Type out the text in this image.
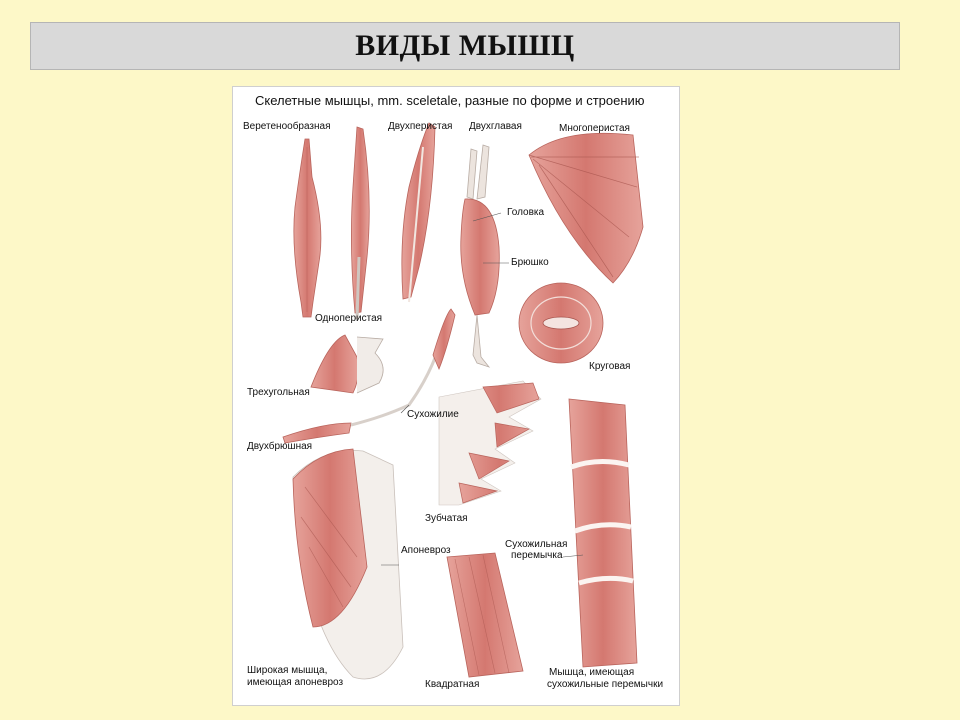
ВИДЫ МЫШЦ
Скелетные мышцы, mm. sceletale, разные по форме и строению
Веретенообразная	Двухперистая Двухглавая	Многоперистая
Головка
Брюшко
Одноперистая
Круговая
Трехугольная
Сухожилие
Двухбрюшная
Зубчатая
Апоневроз
Сухожильная
перемычка
Широкая мышца,
имеющая апоневроз	Квадратная
Мышца, имеющая
сухожильные перемычки
